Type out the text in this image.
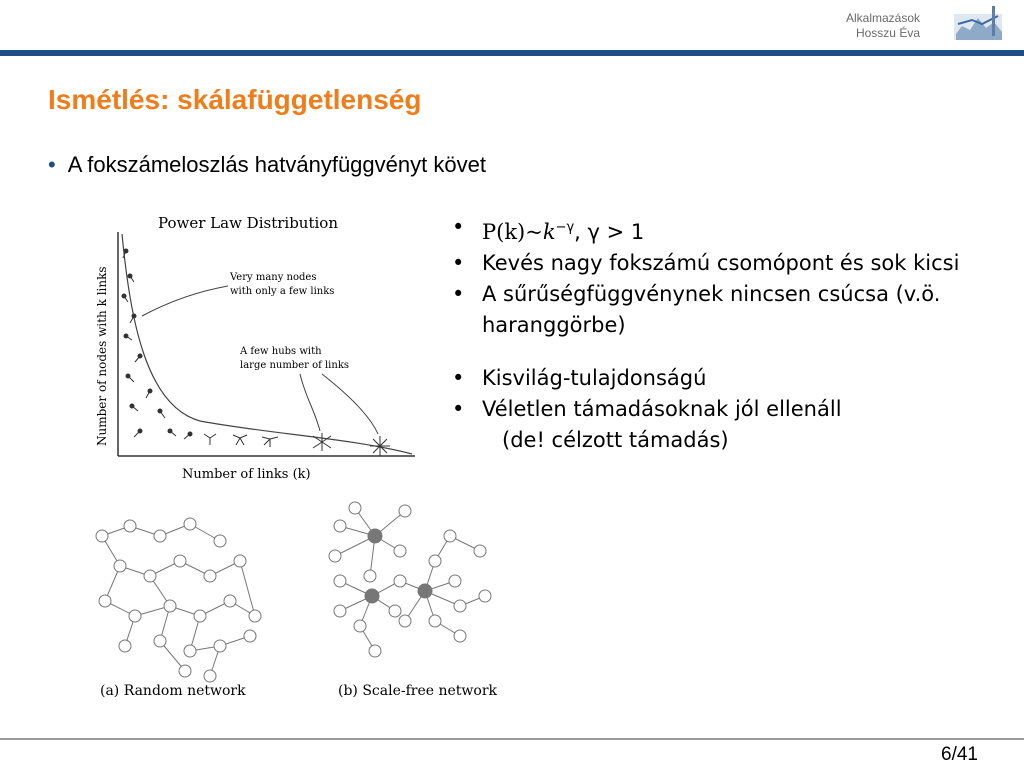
Alkalmazások
Hosszu Éva
Ismétlés: skálafüggetlenség
• A fokszámeloszlás hatványfüggvényt követ
• $P(k)\sim k^{-\gamma}$, γ > 1
• Kevés nagy fokszámú csomópont és sok kicsi
• A sűrűségfüggvénynek nincsen csúcsa (v.ö. haranggörbe)
• Kisvilág-tulajdonságú
• Véletlen támadásoknak jól ellenáll
(de! célzott támadás)
Power Law Distribution
Number of nodes with k links	Very many nodes
with only a few links
A few hubs with
large number of links
Number of links (k)
(a) Random network	(b) Scale-free network
6/41
